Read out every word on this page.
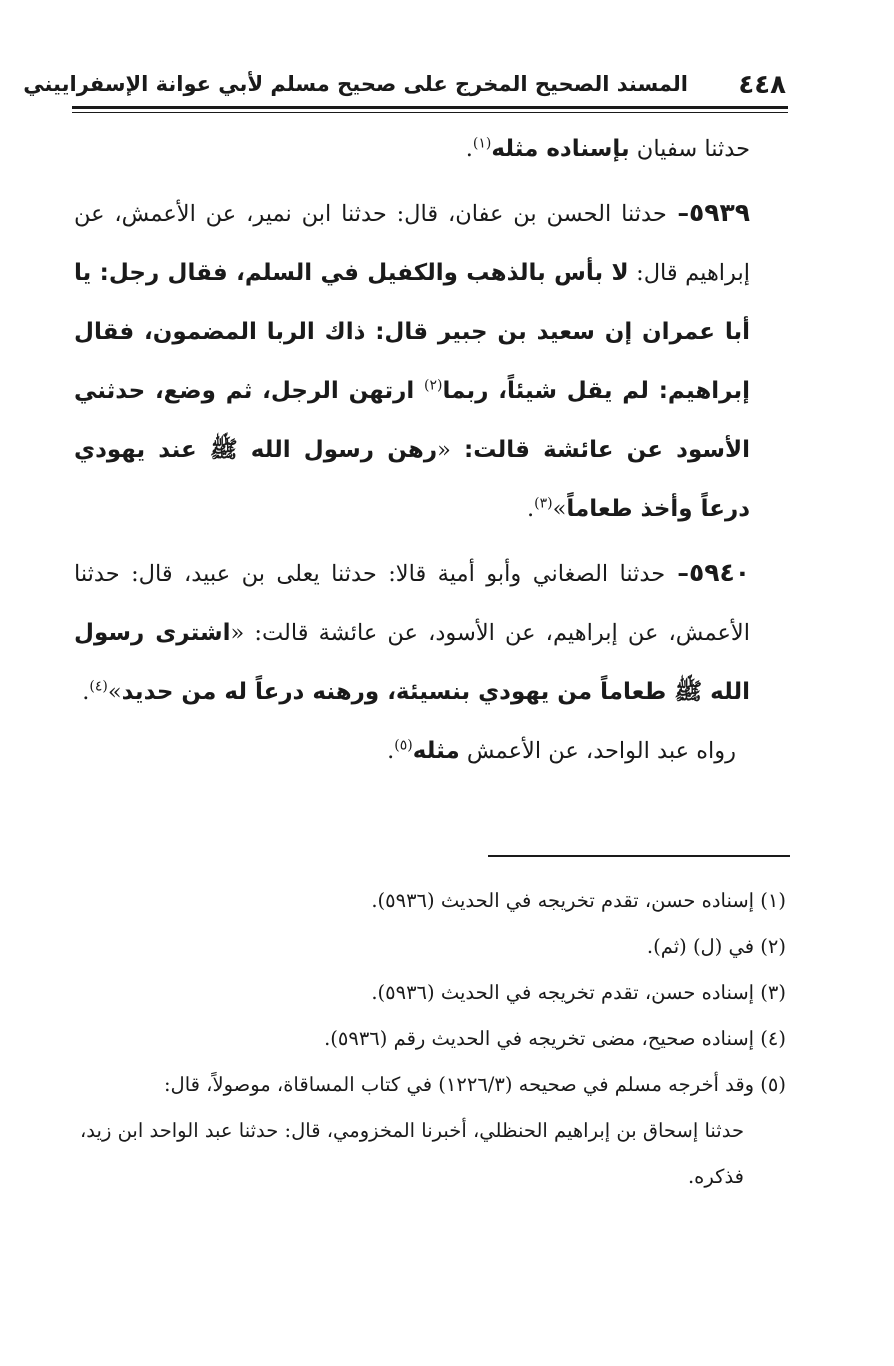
٤٤٨
المسند الصحيح المخرج على صحيح مسلم لأبي عوانة الإسفراييني

حدثنا سفيان بإسناده مثله$^{(١)}$.

٥٩٣٩– حدثنا الحسن بن عفان، قال: حدثنا ابن نمير، عن الأعمش، عن إبراهيم قال: لا بأس بالذهب والكفيل في السلم، فقال رجل: يا أبا عمران إن سعيد بن جبير قال: ذاك الربا المضمون، فقال إبراهيم: لم يقل شيئاً، ربما$^{(٢)}$ ارتهن الرجل، ثم وضع، حدثني الأسود عن عائشة قالت: «رهن رسول الله ﷺ عند يهودي درعاً وأخذ طعاماً»$^{(٣)}$.

٥٩٤٠– حدثنا الصغاني وأبو أمية قالا: حدثنا يعلى بن عبيد، قال: حدثنا الأعمش، عن إبراهيم، عن الأسود، عن عائشة قالت: «اشترى رسول الله ﷺ طعاماً من يهودي بنسيئة، ورهنه درعاً له من حديد»$^{(٤)}$.

رواه عبد الواحد، عن الأعمش مثله$^{(٥)}$.

(١) إسناده حسن، تقدم تخريجه في الحديث (٥٩٣٦).

(٢) في (ل) (ثم).

(٣) إسناده حسن، تقدم تخريجه في الحديث (٥٩٣٦).

(٤) إسناده صحيح، مضى تخريجه في الحديث رقم (٥٩٣٦).

(٥) وقد أخرجه مسلم في صحيحه (١٢٢٦/٣) في كتاب المساقاة، موصولاً، قال:

حدثنا إسحاق بن إبراهيم الحنظلي، أخبرنا المخزومي، قال: حدثنا عبد الواحد ابن زيد، فذكره.
